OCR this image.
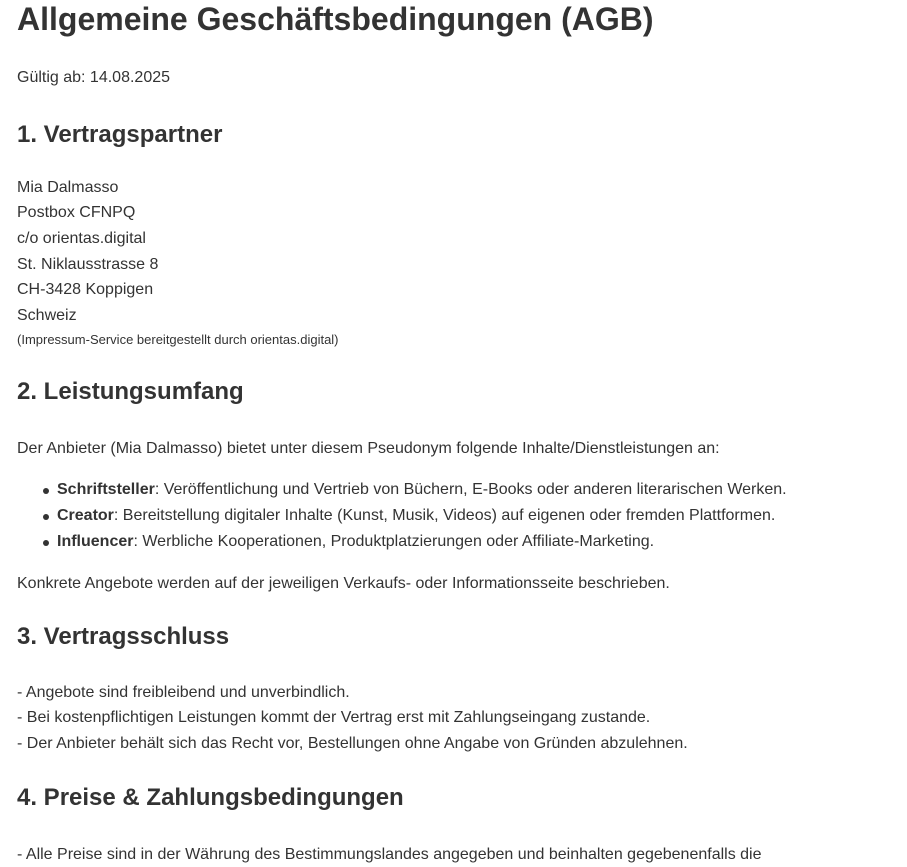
Allgemeine Geschäftsbedingungen (AGB)

Gültig ab: 14.08.2025

1. Vertragspartner
Mia Dalmasso
Postbox CFNPQ
c/o orientas.digital
St. Niklausstrasse 8
CH-3428 Koppigen
Schweiz
(Impressum-Service bereitgestellt durch orientas.digital)
2. Leistungsumfang

Der Anbieter (Mia Dalmasso) bietet unter diesem Pseudonym folgende Inhalte/Dienstleistungen an:

Schriftsteller: Veröffentlichung und Vertrieb von Büchern, E-Books oder anderen literarischen Werken.
Creator: Bereitstellung digitaler Inhalte (Kunst, Musik, Videos) auf eigenen oder fremden Plattformen.
Influencer: Werbliche Kooperationen, Produktplatzierungen oder Affiliate-Marketing.

Konkrete Angebote werden auf der jeweiligen Verkaufs- oder Informationsseite beschrieben.

3. Vertragsschluss
- Angebote sind freibleibend und unverbindlich.
- Bei kostenpflichtigen Leistungen kommt der Vertrag erst mit Zahlungseingang zustande.
- Der Anbieter behält sich das Recht vor, Bestellungen ohne Angabe von Gründen abzulehnen.
4. Preise & Zahlungsbedingungen
- Alle Preise sind in der Währung des Bestimmungslandes angegeben und beinhalten gegebenenfalls die
